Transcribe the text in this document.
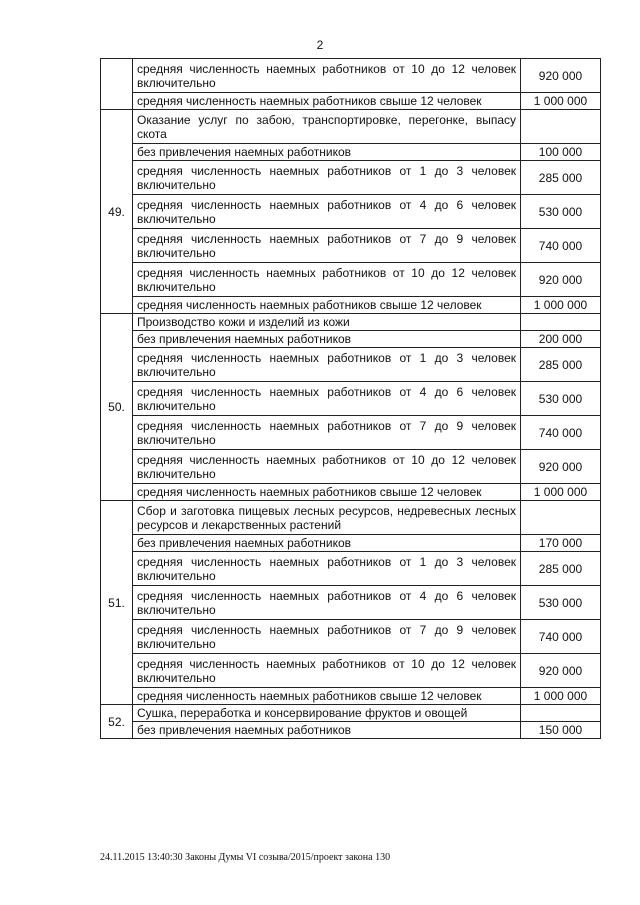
2
	средняя численность наемных работников от 10 до 12 человек включительно	920 000
	средняя численность наемных работников свыше 12 человек	1 000 000
49.	Оказание услуг по забою, транспортировке, перегонке, выпасу скота	
	без привлечения наемных работников	100 000
	средняя численность наемных работников от 1 до 3 человек включительно	285 000
	средняя численность наемных работников от 4 до 6 человек включительно	530 000
	средняя численность наемных работников от 7 до 9 человек включительно	740 000
	средняя численность наемных работников от 10 до 12 человек включительно	920 000
	средняя численность наемных работников свыше 12 человек	1 000 000
50.	Производство кожи и изделий из кожи	
	без привлечения наемных работников	200 000
	средняя численность наемных работников от 1 до 3 человек включительно	285 000
	средняя численность наемных работников от 4 до 6 человек включительно	530 000
	средняя численность наемных работников от 7 до 9 человек включительно	740 000
	средняя численность наемных работников от 10 до 12 человек включительно	920 000
	средняя численность наемных работников свыше 12 человек	1 000 000
51.	Сбор и заготовка пищевых лесных ресурсов, недревесных лесных ресурсов и лекарственных растений	
	без привлечения наемных работников	170 000
	средняя численность наемных работников от 1 до 3 человек включительно	285 000
	средняя численность наемных работников от 4 до 6 человек включительно	530 000
	средняя численность наемных работников от 7 до 9 человек включительно	740 000
	средняя численность наемных работников от 10 до 12 человек включительно	920 000
	средняя численность наемных работников свыше 12 человек	1 000 000
52.	Сушка, переработка и консервирование фруктов и овощей	
	без привлечения наемных работников	150 000
24.11.2015 13:40:30 Законы Думы VI созыва/2015/проект закона 130
